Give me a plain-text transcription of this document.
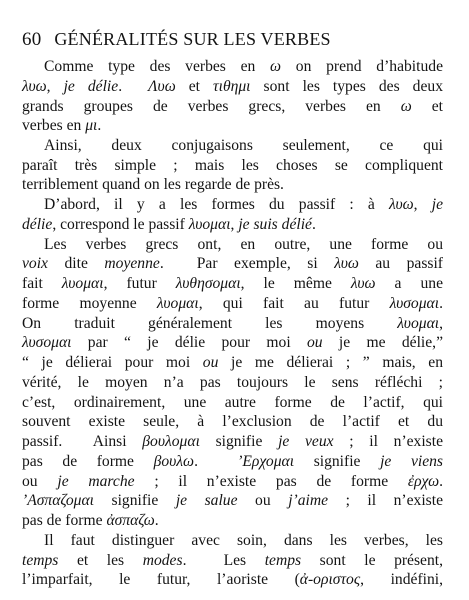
60 GÉNÉRALITÉS SUR LES VERBES
Comme type des verbes en ω on prend d’habitude
λυω, je délie.  Λυω et τιθημι sont les types des deux
grands groupes de verbes grecs, verbes en ω et
verbes en μι.
Ainsi, deux conjugaisons seulement, ce qui
paraît très simple ; mais les choses se compliquent
terriblement quand on les regarde de près.
D’abord, il y a les formes du passif : à λυω, je
délie, correspond le passif λυομαι, je suis délié.
Les verbes grecs ont, en outre, une forme ou
voix dite moyenne.  Par exemple, si λυω au passif
fait λυομαι, futur λυθησομαι, le même λυω a une
forme moyenne λυομαι, qui fait au futur λυσομαι.
On traduit généralement les moyens λυομαι,
λυσομαι par “ je délie pour moi ou je me délie,”
“ je délierai pour moi ou je me délierai ; ” mais, en
vérité, le moyen n’a pas toujours le sens réfléchi ;
c’est, ordinairement, une autre forme de l’actif, qui
souvent existe seule, à l’exclusion de l’actif et du
passif.  Ainsi βουλομαι signifie je veux ; il n’existe
pas de forme βουλω.  ’Ερχομαι signifie je viens
ou je marche ; il n’existe pas de forme ἐρχω.
’Ασπαζομαι signifie je salue ou j’aime ; il n’existe
pas de forme ἀσπαζω.
Il faut distinguer avec soin, dans les verbes, les
temps et les modes.  Les temps sont le présent,
l’imparfait, le futur, l’aoriste (ἀ-οριστος, indéfini,
